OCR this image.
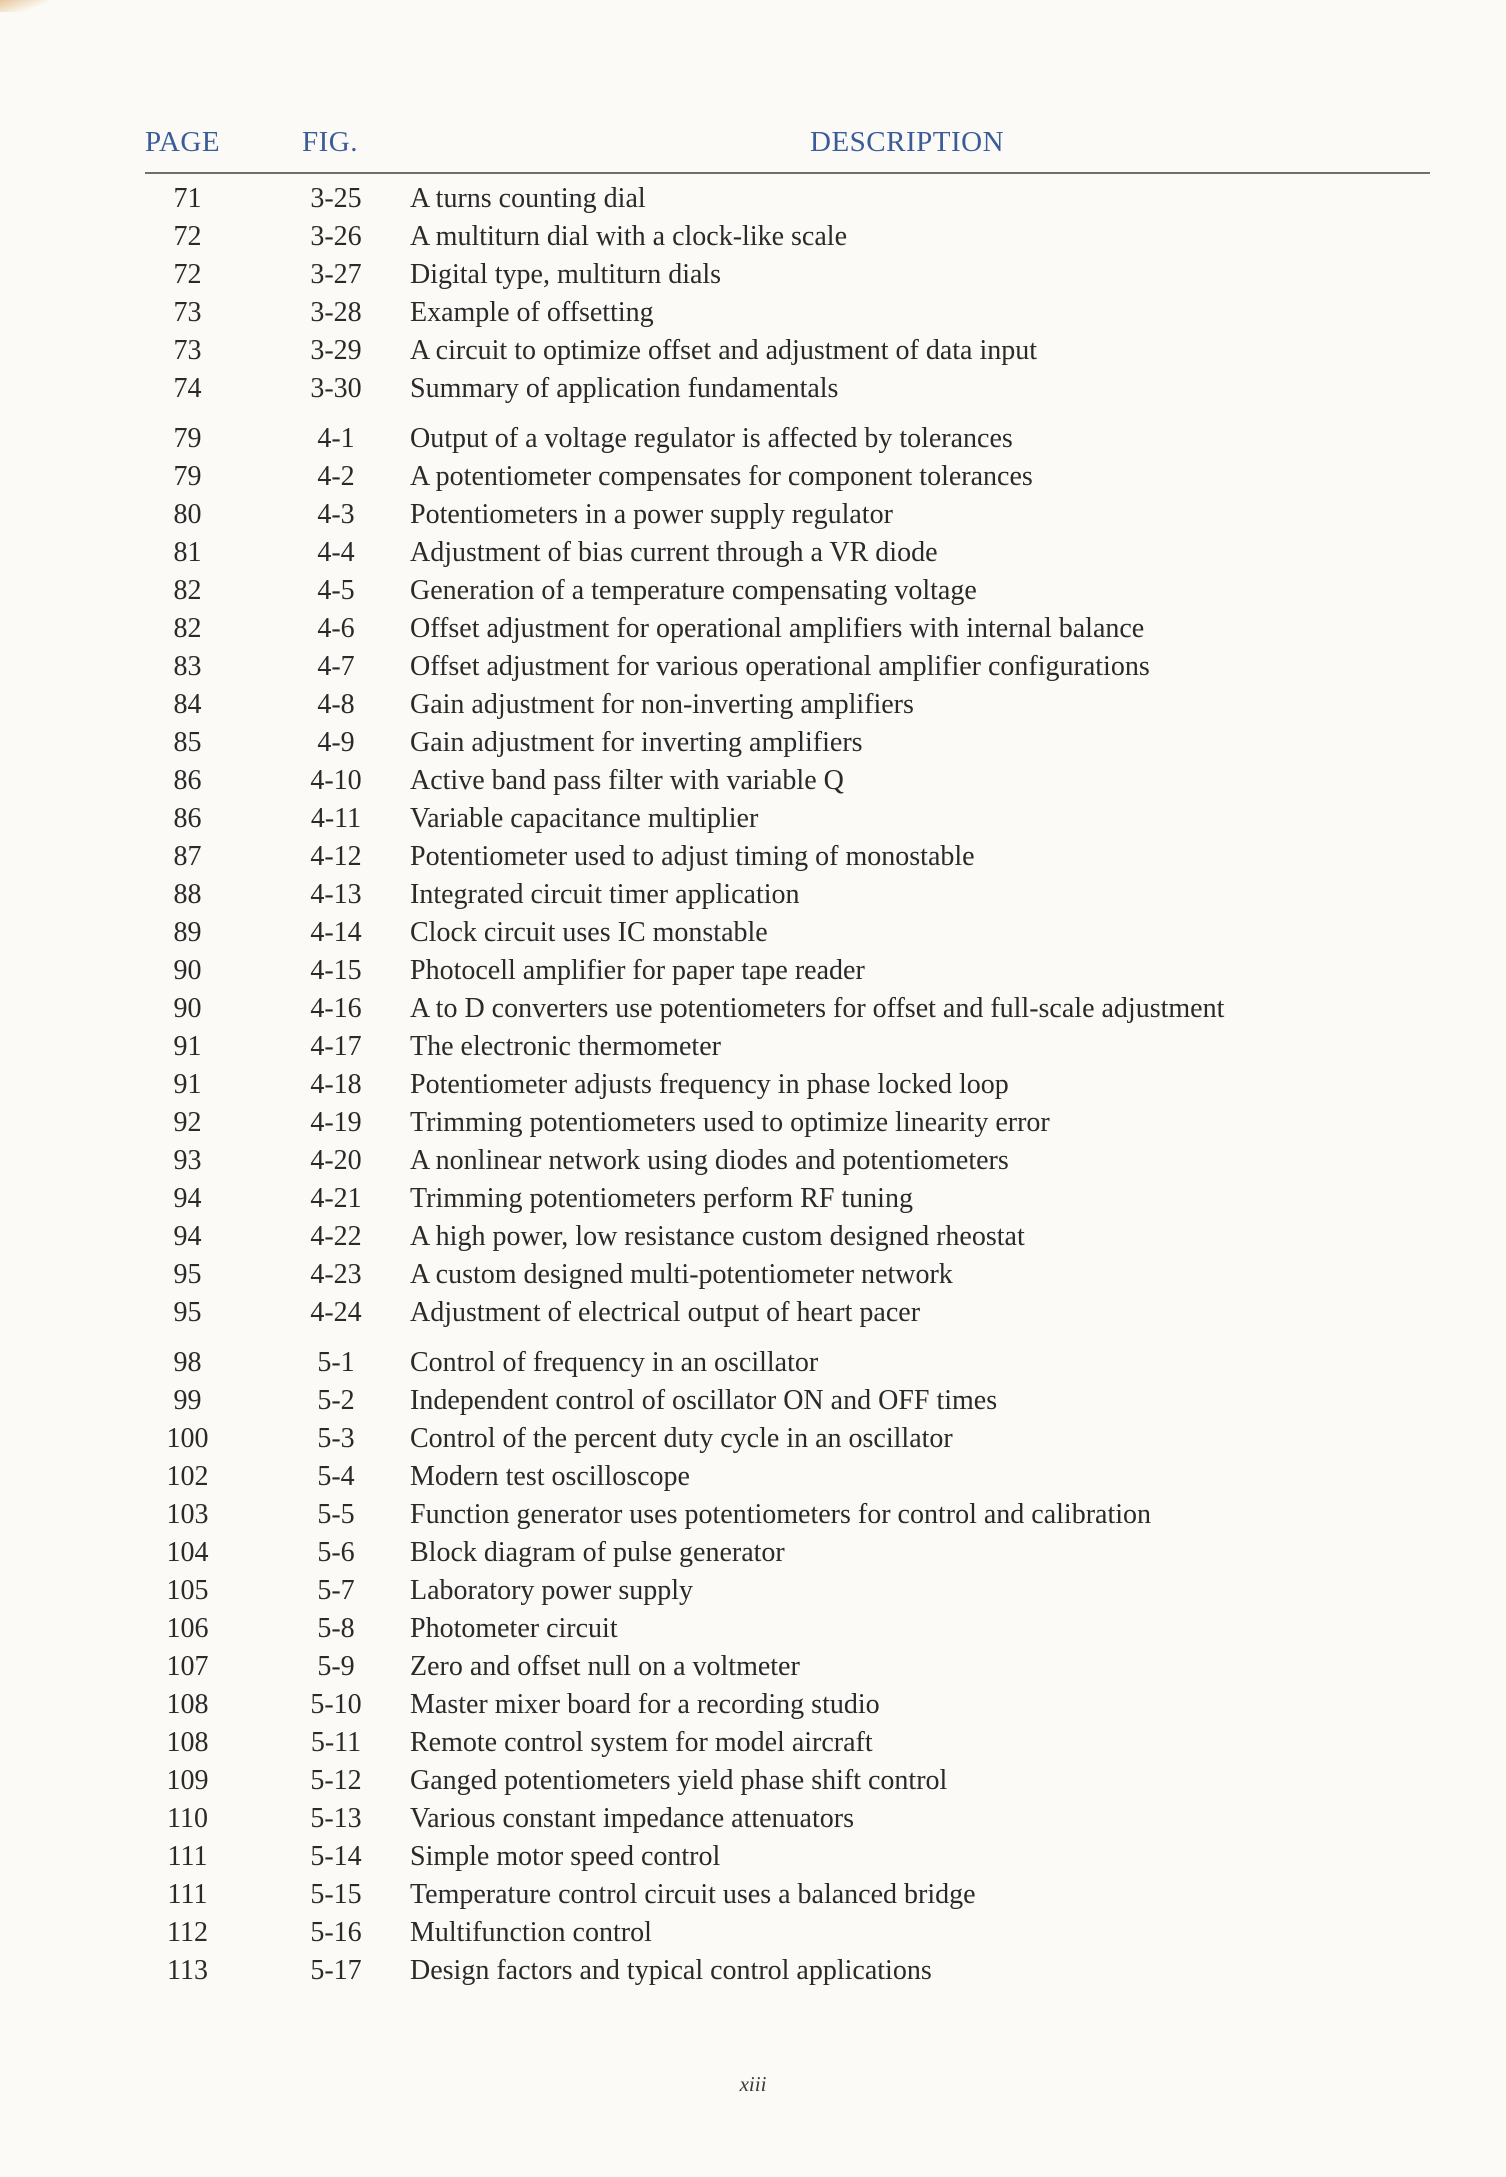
PAGE	FIG.	DESCRIPTION
71	3-25	A turns counting dial
72	3-26	A multiturn dial with a clock-like scale
72	3-27	Digital type, multiturn dials
73	3-28	Example of offsetting
73	3-29	A circuit to optimize offset and adjustment of data input
74	3-30	Summary of application fundamentals
79	4-1	Output of a voltage regulator is affected by tolerances
79	4-2	A potentiometer compensates for component tolerances
80	4-3	Potentiometers in a power supply regulator
81	4-4	Adjustment of bias current through a VR diode
82	4-5	Generation of a temperature compensating voltage
82	4-6	Offset adjustment for operational amplifiers with internal balance
83	4-7	Offset adjustment for various operational amplifier configurations
84	4-8	Gain adjustment for non-inverting amplifiers
85	4-9	Gain adjustment for inverting amplifiers
86	4-10	Active band pass filter with variable Q
86	4-11	Variable capacitance multiplier
87	4-12	Potentiometer used to adjust timing of monostable
88	4-13	Integrated circuit timer application
89	4-14	Clock circuit uses IC monstable
90	4-15	Photocell amplifier for paper tape reader
90	4-16	A to D converters use potentiometers for offset and full-scale adjustment
91	4-17	The electronic thermometer
91	4-18	Potentiometer adjusts frequency in phase locked loop
92	4-19	Trimming potentiometers used to optimize linearity error
93	4-20	A nonlinear network using diodes and potentiometers
94	4-21	Trimming potentiometers perform RF tuning
94	4-22	A high power, low resistance custom designed rheostat
95	4-23	A custom designed multi-potentiometer network
95	4-24	Adjustment of electrical output of heart pacer
98	5-1	Control of frequency in an oscillator
99	5-2	Independent control of oscillator ON and OFF times
100	5-3	Control of the percent duty cycle in an oscillator
102	5-4	Modern test oscilloscope
103	5-5	Function generator uses potentiometers for control and calibration
104	5-6	Block diagram of pulse generator
105	5-7	Laboratory power supply
106	5-8	Photometer circuit
107	5-9	Zero and offset null on a voltmeter
108	5-10	Master mixer board for a recording studio
108	5-11	Remote control system for model aircraft
109	5-12	Ganged potentiometers yield phase shift control
110	5-13	Various constant impedance attenuators
111	5-14	Simple motor speed control
111	5-15	Temperature control circuit uses a balanced bridge
112	5-16	Multifunction control
113	5-17	Design factors and typical control applications
xiii
